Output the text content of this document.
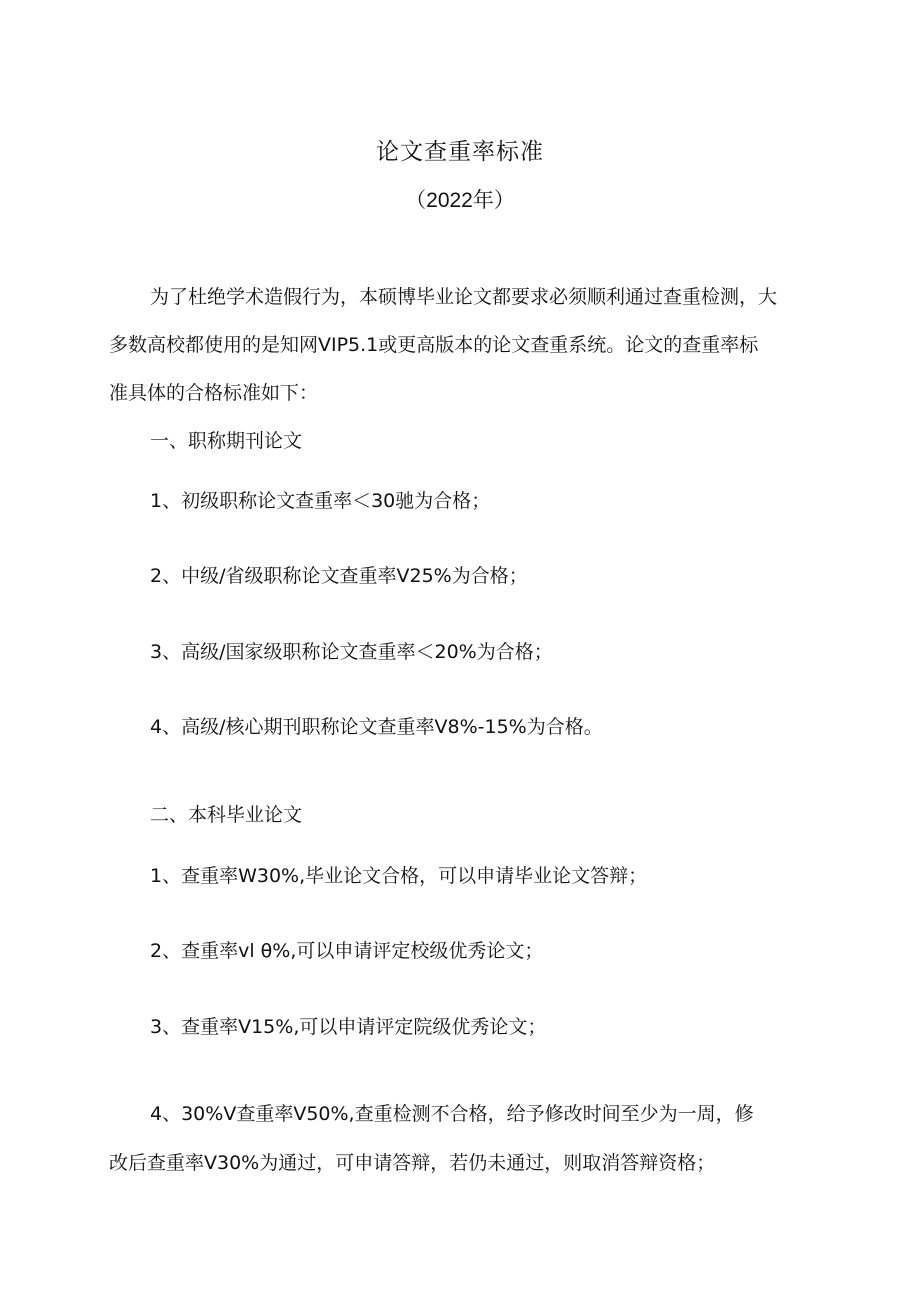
论文查重率标准
（2022年）
为了杜绝学术造假行为，本硕博毕业论文都要求必须顺利通过查重检测，大
多数高校都使用的是知网VIP5.1或更高版本的论文查重系统。论文的查重率标
准具体的合格标准如下：
一、职称期刊论文
1、初级职称论文查重率＜30驰为合格；
2、中级/省级职称论文查重率V25%为合格；
3、高级/国家级职称论文查重率＜20%为合格；
4、高级/核心期刊职称论文查重率V8%-15%为合格。
二、本科毕业论文
1、查重率W30%,毕业论文合格，可以申请毕业论文答辩；
2、查重率vl θ%,可以申请评定校级优秀论文；
3、查重率V15%,可以申请评定院级优秀论文；
4、30%V查重率V50%,查重检测不合格，给予修改时间至少为一周，修
改后查重率V30%为通过，可申请答辩，若仍未通过，则取消答辩资格；
